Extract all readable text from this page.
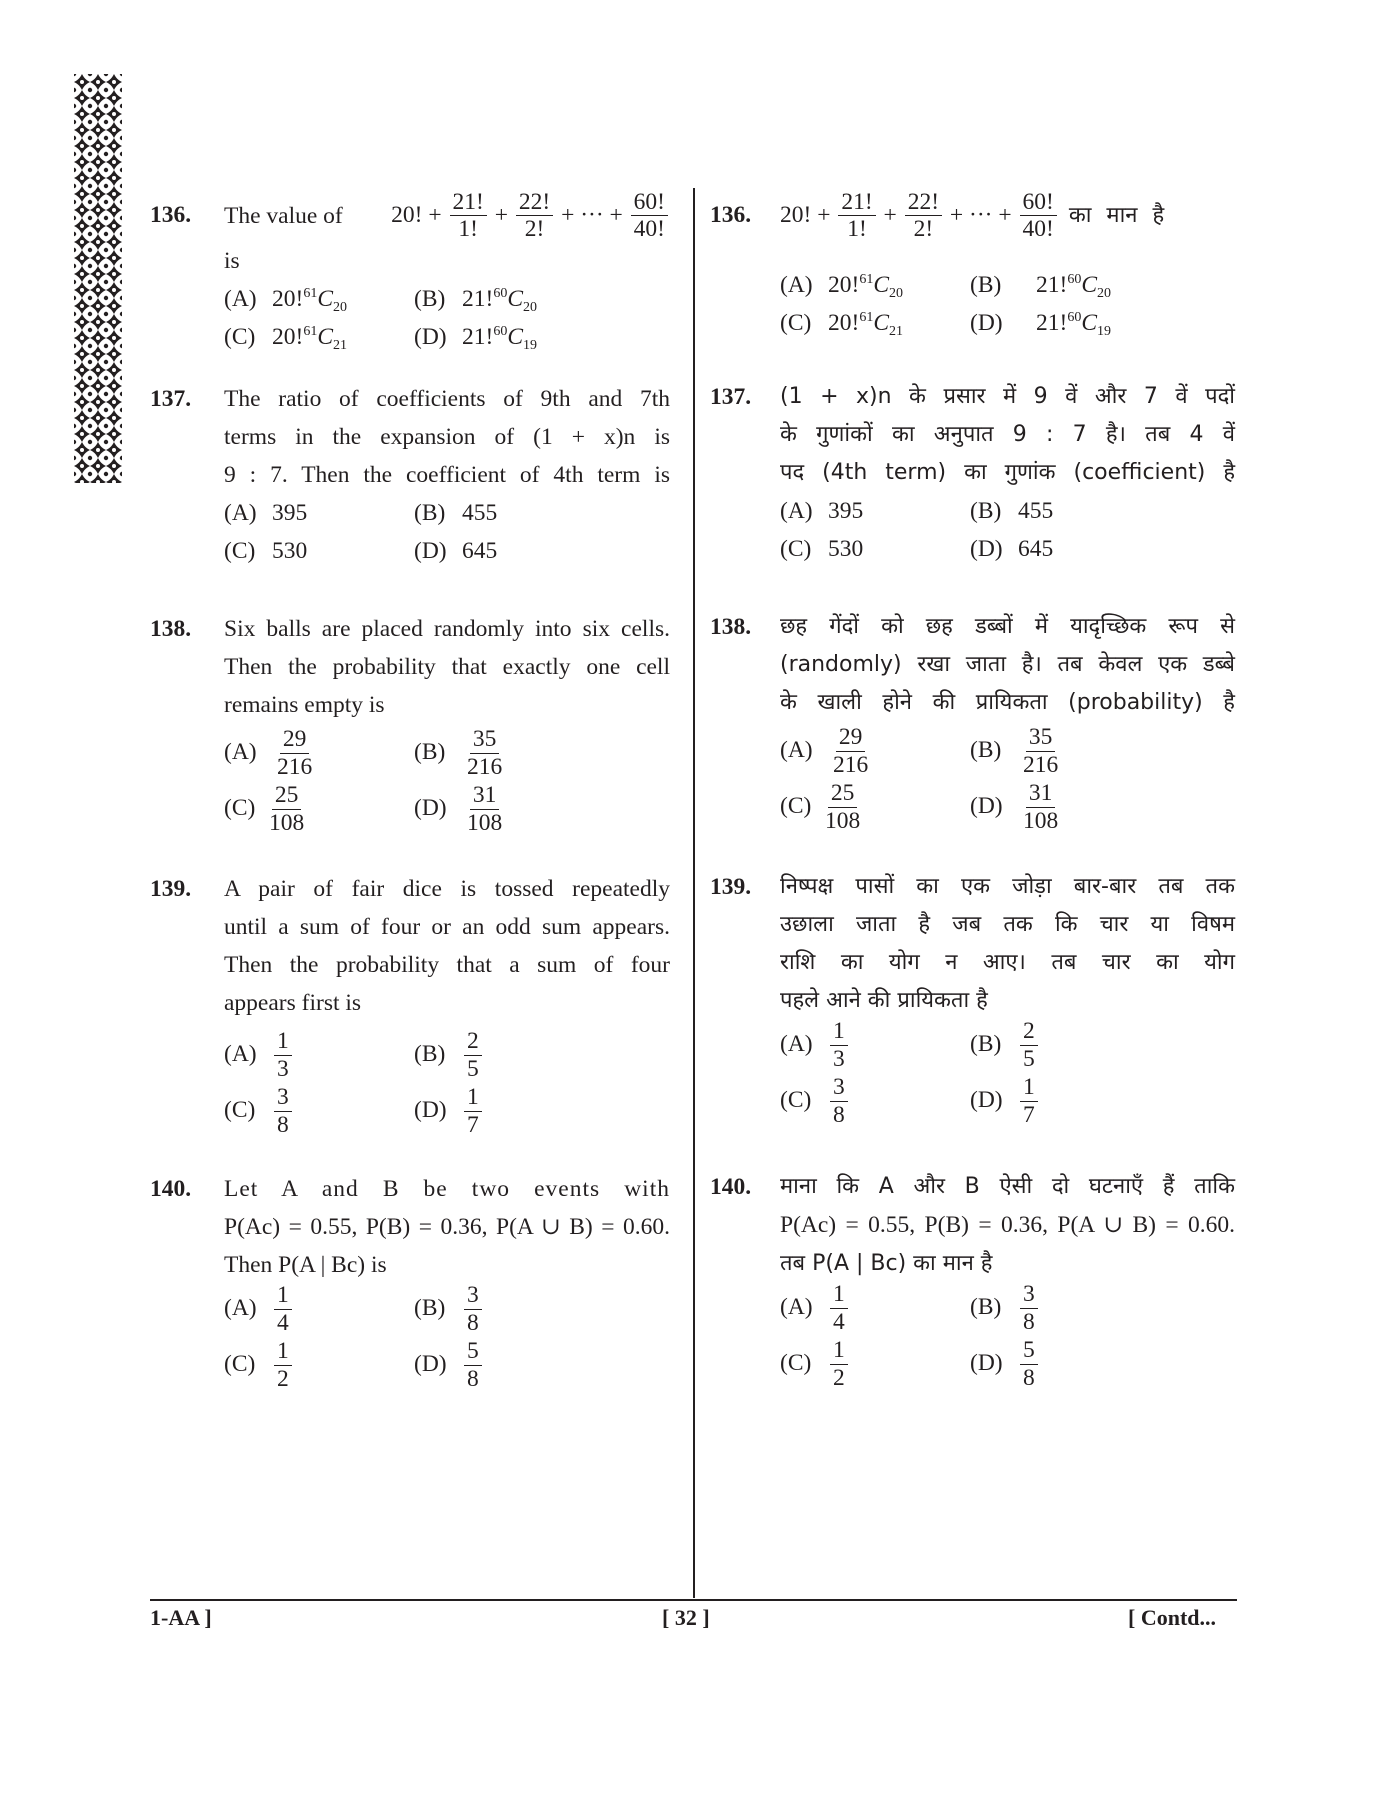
136. The value of 20! + $\frac{21!}{1!} + \frac{22!}{2!}$ + ··· + $\frac{60!}{40!}$
is
(A) $20!^{61}C_{20}$	(B) $21!^{60}C_{20}$
(C) $20!^{61}C_{21}$	(D) $21!^{60}C_{19}$
137. The ratio of coefficients of 9th and 7th
terms in the expansion of (1 + x)n is
9 : 7. Then the coefficient of 4th term is
(A) 395	(B) 455
(C) 530	(D) 645
138. Six balls are placed randomly into six cells.
Then the probability that exactly one cell
remains empty is
$(A) \frac{29}{216}$	$(B) \frac{35}{216}$
$(C) \frac{25}{108}$	$(D) \frac{31}{108}$
139. A pair of fair dice is tossed repeatedly
until a sum of four or an odd sum appears.
Then the probability that a sum of four
appears first is
$(A) \frac{1}{3}$	$(B) \frac{2}{5}$
$(C) \frac{3}{8}$	$(D) \frac{1}{7}$
140. Let A and B be two events with
P(Ac) = 0.55, P(B) = 0.36, P(A ∪ B) = 0.60.
Then P(A | Bc) is
$(A) \frac{1}{4}$	$(B) \frac{3}{8}$
$(C) \frac{1}{2}$	$(D) \frac{5}{8}$
136. 20! + $\frac{21!}{1!} + \frac{22!}{2!}$ + ··· + $\frac{60!}{40!}$ का मान है
(A) $20!^{61}C_{20}$	(B) $21!^{60}C_{20}$
(C) $20!^{61}C_{21}$	(D) $21!^{60}C_{19}$
137. (1 + x)n के प्रसार में 9 वें और 7 वें पदों
के गुणांकों का अनुपात 9 : 7 है। तब 4 वें
पद (4th term) का गुणांक (coefficient) है
(A) 395	(B) 455
(C) 530	(D) 645
138. छह गेंदों को छह डब्बों में यादृच्छिक रूप से
(randomly) रखा जाता है। तब केवल एक डब्बे
के खाली होने की प्रायिकता (probability) है
$(A) \frac{29}{216}$	$(B) \frac{35}{216}$
$(C) \frac{25}{108}$	$(D) \frac{31}{108}$
139. निष्पक्ष पासों का एक जोड़ा बार-बार तब तक
उछाला जाता है जब तक कि चार या विषम
राशि का योग न आए। तब चार का योग
पहले आने की प्रायिकता है
$(A) \frac{1}{3}$	$(B) \frac{2}{5}$
$(C) \frac{3}{8}$	$(D) \frac{1}{7}$
140. माना कि A और B ऐसी दो घटनाएँ हैं ताकि
P(Ac) = 0.55, P(B) = 0.36, P(A ∪ B) = 0.60.
तब P(A | Bc) का मान है
$(A) \frac{1}{4}$	$(B) \frac{3}{8}$
$(C) \frac{1}{2}$	$(D) \frac{5}{8}$
1-AA ]	[ 32 ]	[ Contd...
